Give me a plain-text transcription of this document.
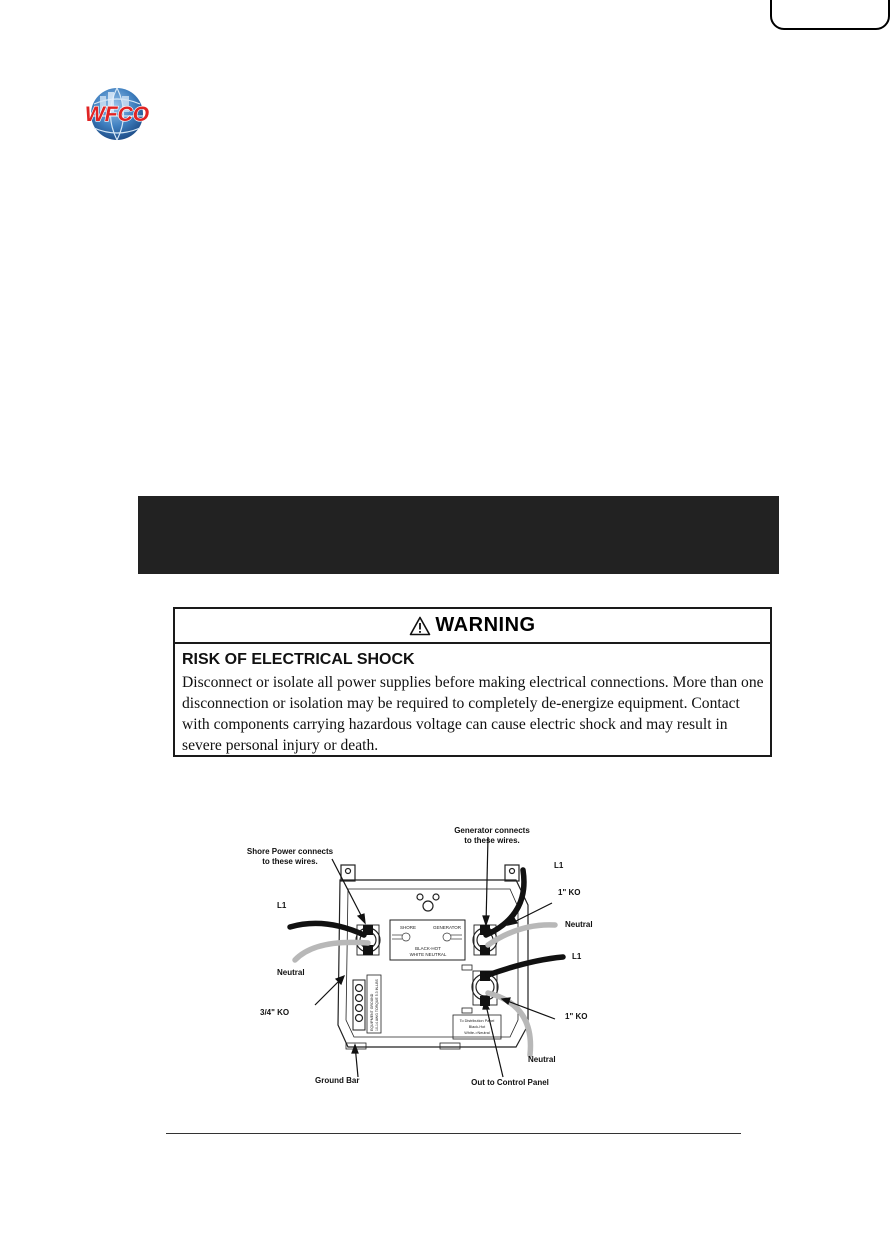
WFCO
WARNING
RISK OF ELECTRICAL SHOCK

Disconnect or isolate all power supplies before making electrical connections. More than one disconnection or isolation may be required to completely de-energize equipment. Contact with components carrying hazardous voltage can cause electric shock and may result in severe personal injury or death.

Shore Power connects
to these wires.
Generator connects
to these wires.
L1
Neutral
3/4" KO
Ground Bar
L1
1" KO
Neutral
L1
1" KO
Neutral
Out to Control Panel
SHORE	GENERATOR
BLACK-HOT
WHITE NEUTRAL
To Distribution Panel
Black-Hot
White->Neutral
EQUIPMENT GROUND 10-14 AWG TORQUE 5.3 IN-LBS
